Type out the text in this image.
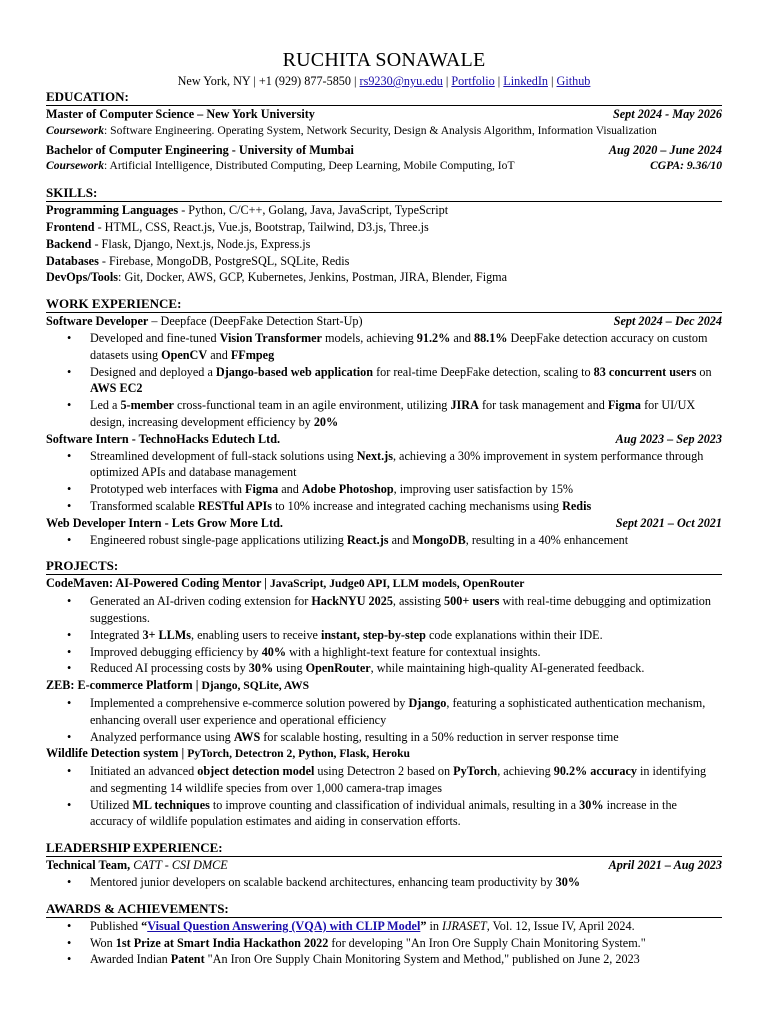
RUCHITA SONAWALE
New York, NY | +1 (929) 877-5850 | rs9230@nyu.edu | Portfolio | LinkedIn | Github
EDUCATION:
Master of Computer Science – New York University	Sept 2024 - May 2026
Coursework: Software Engineering. Operating System, Network Security, Design & Analysis Algorithm, Information Visualization
Bachelor of Computer Engineering - University of Mumbai	Aug 2020 – June 2024
Coursework: Artificial Intelligence, Distributed Computing, Deep Learning, Mobile Computing, IoT	CGPA: 9.36/10
SKILLS:
Programming Languages - Python, C/C++, Golang, Java, JavaScript, TypeScript
Frontend - HTML, CSS, React.js, Vue.js, Bootstrap, Tailwind, D3.js, Three.js
Backend - Flask, Django, Next.js, Node.js, Express.js
Databases - Firebase, MongoDB, PostgreSQL, SQLite, Redis
DevOps/Tools: Git, Docker, AWS, GCP, Kubernetes, Jenkins, Postman, JIRA, Blender, Figma
WORK EXPERIENCE:
Software Developer – Deepface (DeepFake Detection Start-Up)	Sept 2024 – Dec 2024
• Developed and fine-tuned Vision Transformer models, achieving 91.2% and 88.1% DeepFake detection accuracy on custom datasets using OpenCV and FFmpeg
• Designed and deployed a Django-based web application for real-time DeepFake detection, scaling to 83 concurrent users on AWS EC2
• Led a 5-member cross-functional team in an agile environment, utilizing JIRA for task management and Figma for UI/UX design, increasing development efficiency by 20%
Software Intern - TechnoHacks Edutech Ltd.	Aug 2023 – Sep 2023
• Streamlined development of full-stack solutions using Next.js, achieving a 30% improvement in system performance through optimized APIs and database management
• Prototyped web interfaces with Figma and Adobe Photoshop, improving user satisfaction by 15%
• Transformed scalable RESTful APIs to 10% increase and integrated caching mechanisms using Redis
Web Developer Intern - Lets Grow More Ltd.	Sept 2021 – Oct 2021
• Engineered robust single-page applications utilizing React.js and MongoDB, resulting in a 40% enhancement
PROJECTS:
CodeMaven: AI-Powered Coding Mentor | JavaScript, Judge0 API, LLM models, OpenRouter
• Generated an AI-driven coding extension for HackNYU 2025, assisting 500+ users with real-time debugging and optimization suggestions.
• Integrated 3+ LLMs, enabling users to receive instant, step-by-step code explanations within their IDE.
• Improved debugging efficiency by 40% with a highlight-text feature for contextual insights.
• Reduced AI processing costs by 30% using OpenRouter, while maintaining high-quality AI-generated feedback.
ZEB: E-commerce Platform | Django, SQLite, AWS
• Implemented a comprehensive e-commerce solution powered by Django, featuring a sophisticated authentication mechanism, enhancing overall user experience and operational efficiency
• Analyzed performance using AWS for scalable hosting, resulting in a 50% reduction in server response time
Wildlife Detection system | PyTorch, Detectron 2, Python, Flask, Heroku
• Initiated an advanced object detection model using Detectron 2 based on PyTorch, achieving 90.2% accuracy in identifying and segmenting 14 wildlife species from over 1,000 camera-trap images
• Utilized ML techniques to improve counting and classification of individual animals, resulting in a 30% increase in the accuracy of wildlife population estimates and aiding in conservation efforts.
LEADERSHIP EXPERIENCE:
Technical Team, CATT - CSI DMCE	April 2021 – Aug 2023
• Mentored junior developers on scalable backend architectures, enhancing team productivity by 30%
AWARDS & ACHIEVEMENTS:
• Published “Visual Question Answering (VQA) with CLIP Model” in IJRASET, Vol. 12, Issue IV, April 2024.
• Won 1st Prize at Smart India Hackathon 2022 for developing "An Iron Ore Supply Chain Monitoring System."
• Awarded Indian Patent "An Iron Ore Supply Chain Monitoring System and Method," published on June 2, 2023
